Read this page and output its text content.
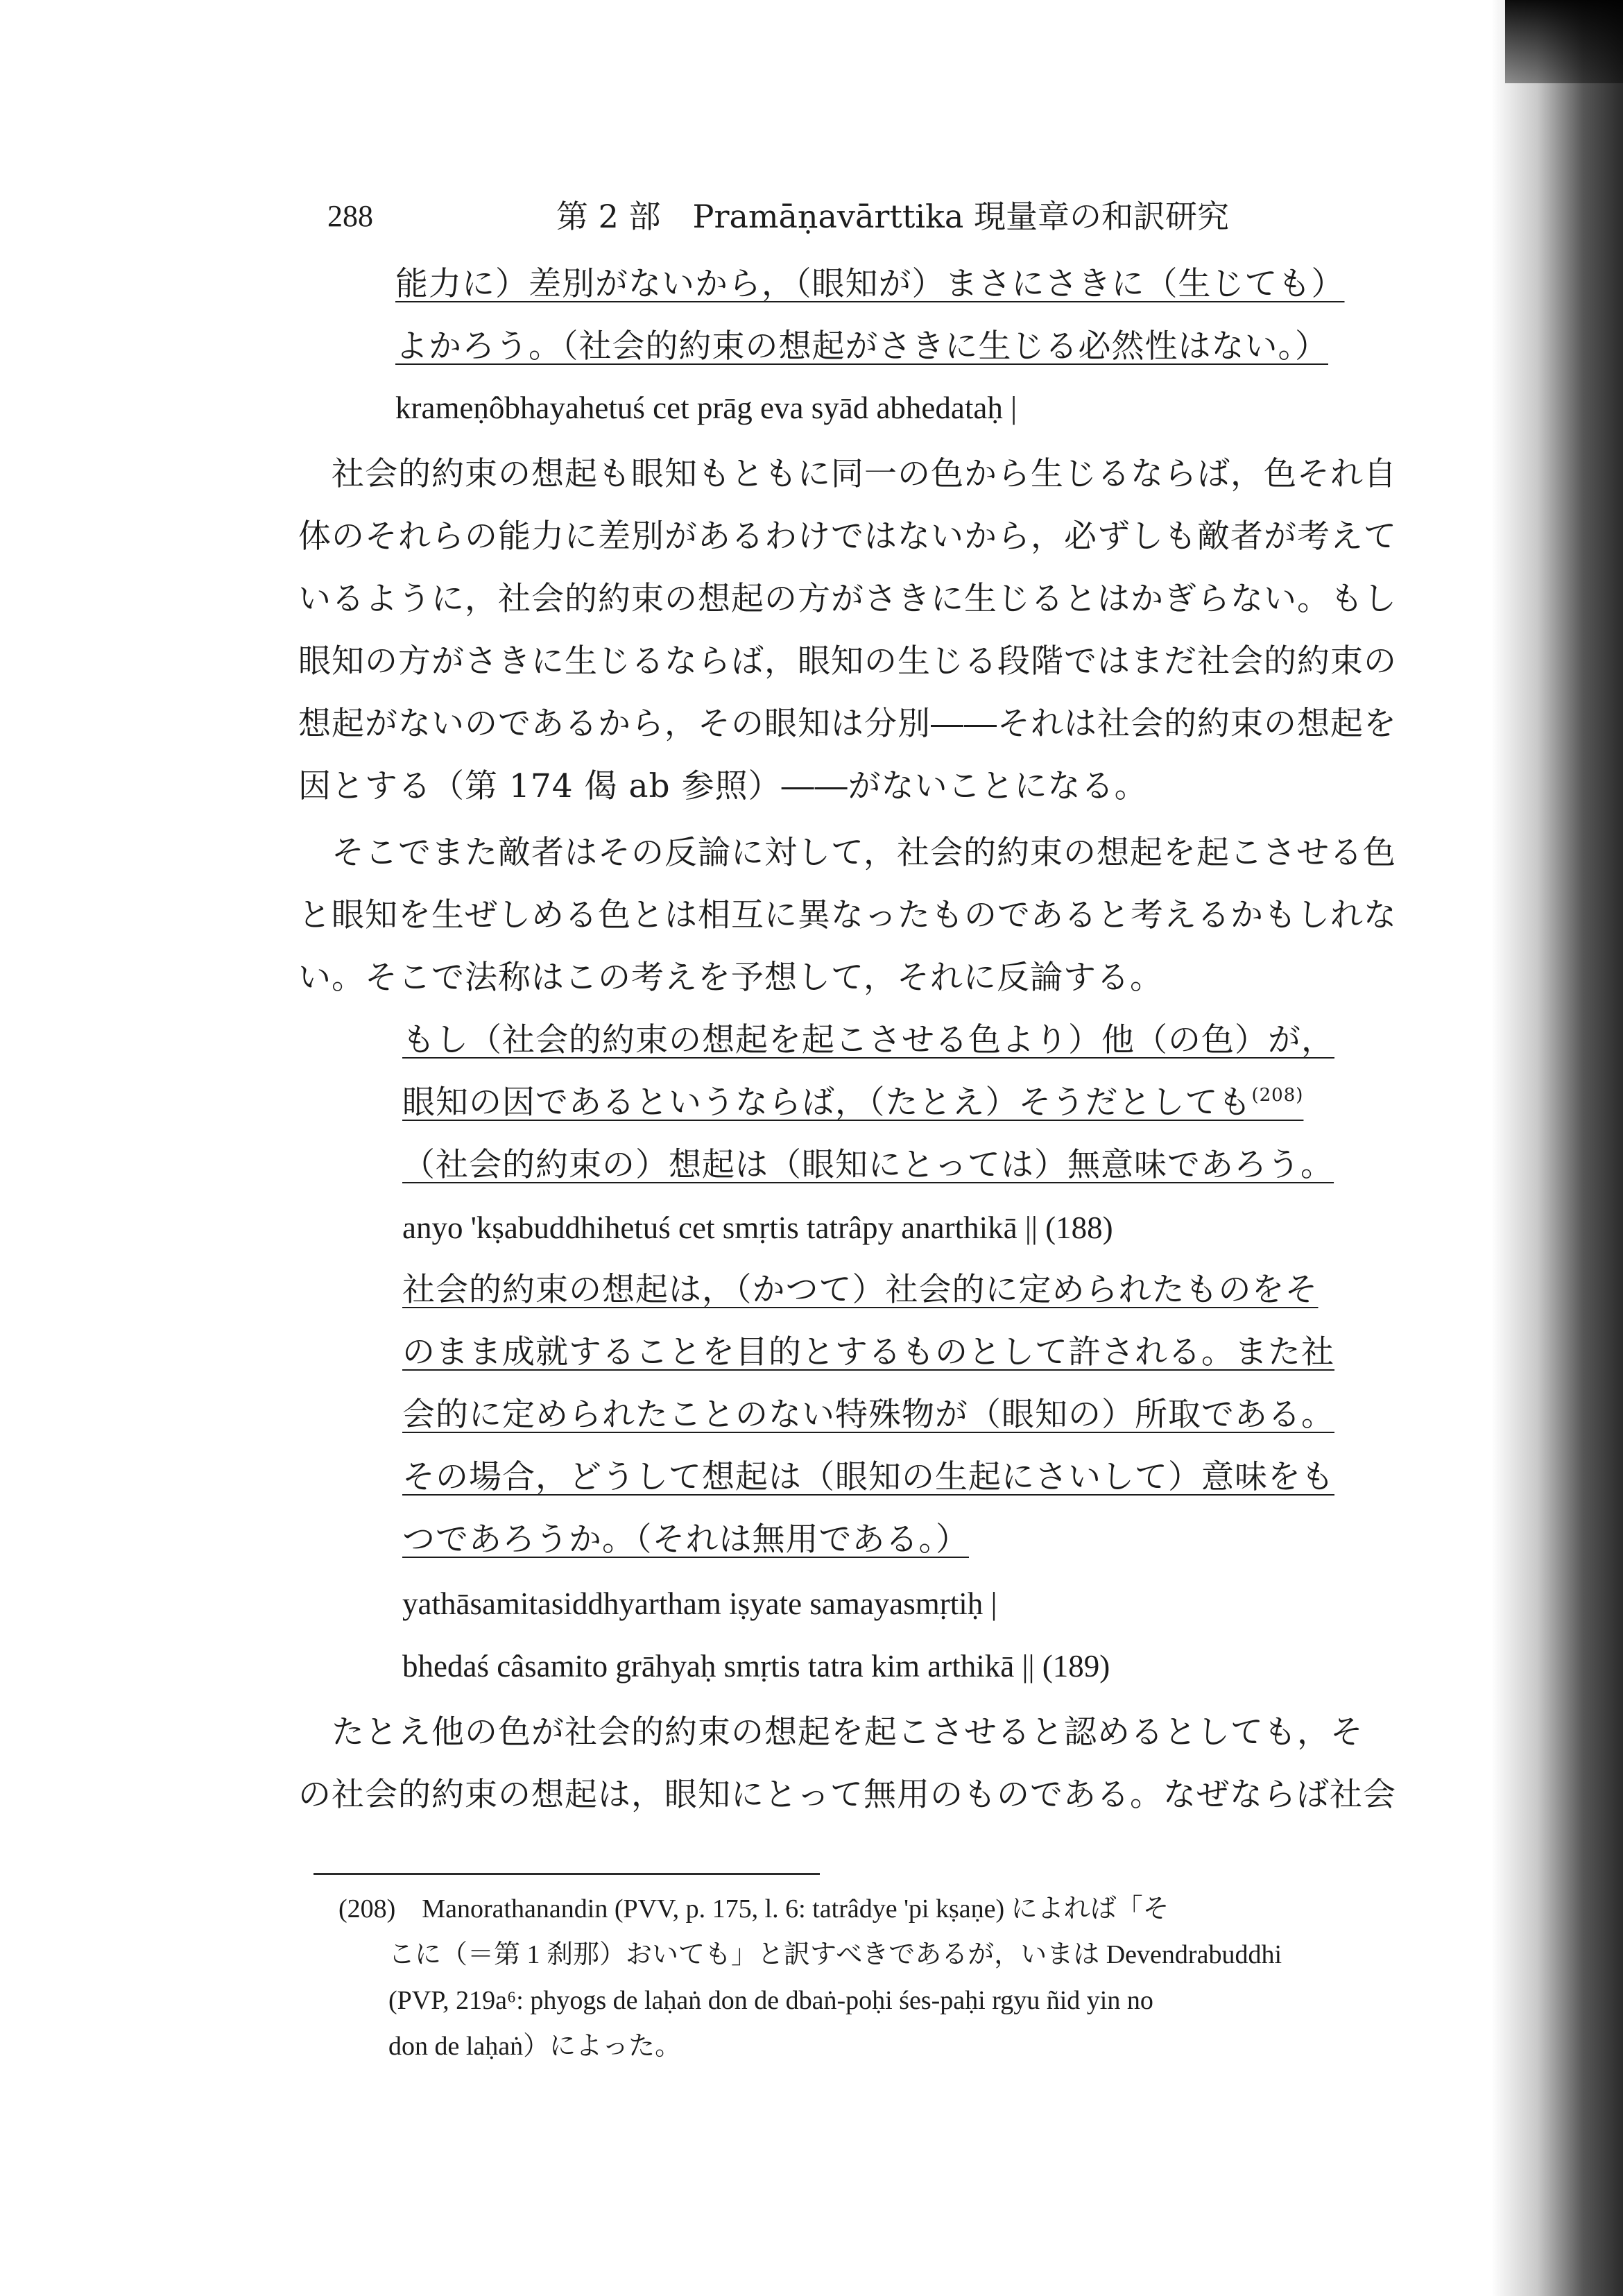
288	第 2 部　Pramāṇavārttika 現量章の和訳研究
能力に）差別がないから，（眼知が）まさにさきに（生じても）
よかろう。（社会的約束の想起がさきに生じる必然性はない。）
krameṇôbhayahetuś cet prāg eva syād abhedataḥ |
社会的約束の想起も眼知もともに同一の色から生じるならば，色それ自
体のそれらの能力に差別があるわけではないから，必ずしも敵者が考えて
いるように，社会的約束の想起の方がさきに生じるとはかぎらない。もし
眼知の方がさきに生じるならば，眼知の生じる段階ではまだ社会的約束の
想起がないのであるから，その眼知は分別――それは社会的約束の想起を
因とする（第 174 偈 ab 参照）――がないことになる。
そこでまた敵者はその反論に対して，社会的約束の想起を起こさせる色
と眼知を生ぜしめる色とは相互に異なったものであると考えるかもしれな
い。そこで法称はこの考えを予想して，それに反論する。
もし（社会的約束の想起を起こさせる色より）他（の色）が，
眼知の因であるというならば，（たとえ）そうだとしても$^{(208)}$
（社会的約束の）想起は（眼知にとっては）無意味であろう。
anyo 'kṣabuddhihetuś cet smṛtis tatrâpy anarthikā || (188)
社会的約束の想起は，（かつて）社会的に定められたものをそ
のまま成就することを目的とするものとして許される。また社
会的に定められたことのない特殊物が（眼知の）所取である。
その場合，どうして想起は（眼知の生起にさいして）意味をも
つであろうか。（それは無用である。）
yathāsamitasiddhyartham iṣyate samayasmṛtiḥ |
bhedaś câsamito grāhyaḥ smṛtis tatra kim arthikā || (189)
たとえ他の色が社会的約束の想起を起こさせると認めるとしても，そ
の社会的約束の想起は，眼知にとって無用のものである。なぜならば社会
(208)　Manorathanandin (PVV, p. 175, l. 6: tatrâdye 'pi kṣaṇe) によれば「そ
こに（＝第 1 刹那）おいても」と訳すべきであるが，いまは Devendrabuddhi
(PVP, 219a⁶: phyogs de laḥaṅ don de dbaṅ-poḥi śes-paḥi rgyu ñid yin no
don de laḥaṅ）によった。
